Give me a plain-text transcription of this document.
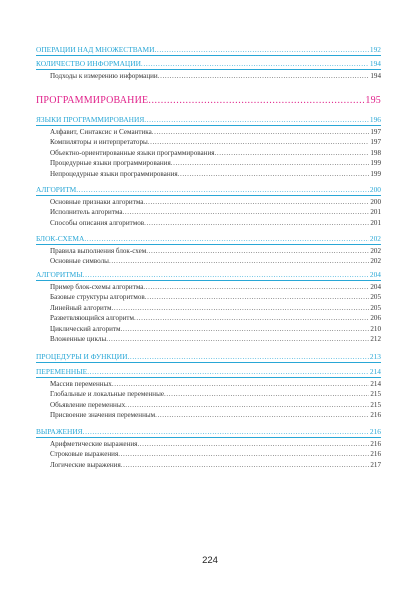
ОПЕРАЦИИ НАД МНОЖЕСТВАМИ .....	192
КОЛИЧЕСТВО ИНФОРМАЦИИ .....	194
Подходы к измерению информации .....	194
ПРОГРАММИРОВАНИЕ .....	195
ЯЗЫКИ ПРОГРАММИРОВАНИЯ .....	196
Алфавит, Синтаксис и Семантика .....	197
Компиляторы и интерпретаторы .....	197
Объектно-ориентированные языки программирования .....	198
Процедурные языки программирования .....	199
Непроцедурные языки программирования .....	199
АЛГОРИТМ .....	200
Основные признаки алгоритма .....	200
Исполнитель алгоритма .....	201
Способы описания алгоритмов .....	201
БЛОК-СХЕМА .....	202
Правила выполнения блок-схем .....	202
Основные символы .....	202
АЛГОРИТМЫ .....	204
Пример блок-схемы алгоритма .....	204
Базовые структуры алгоритмов .....	205
Линейный алгоритм .....	205
Разветвляющийся алгоритм .....	206
Циклический алгоритм .....	210
Вложенные циклы .....	212
ПРОЦЕДУРЫ И ФУНКЦИИ .....	213
ПЕРЕМЕННЫЕ .....	214
Массив переменных .....	214
Глобальные и локальные переменные .....	215
Объявление переменных .....	215
Присвоение значения переменным .....	216
ВЫРАЖЕНИЯ .....	216
Арифметические выражения .....	216
Строковые выражения .....	216
Логические выражения .....	217
224
